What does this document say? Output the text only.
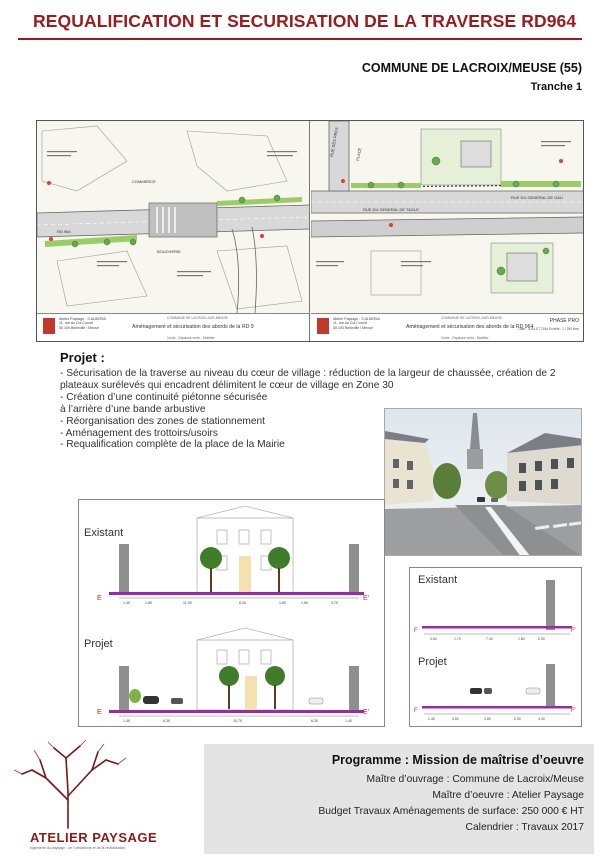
REQUALIFICATION ET SECURISATION DE LA TRAVERSE RD964
COMMUNE DE LACROIX/MEUSE (55)
Tranche 1
COMMERCE
BOUCHERIE
RD 964
Atelier Paysage - S.ALBERIA
11, rue du Col Conort
55 100 Belleville / Meuse
COMMUNE DE LACROIX-SUR-MEUSE
Aménagement et sécurisation des abords de la RD 9
Voirie - Espaces verts - Mobilier
RUE DES PRES	PLACE
RUE DU GENERAL DE TAGLE
RUE DU GENERAL DE GAU
Atelier Paysage - S.ALBERIA
11, rue du Col Conort
55 100 Belleville / Meuse
COMMUNE DE LACROIX-SUR-MEUSE
Aménagement et sécurisation des abords de la RD 964
Voirie - Espaces verts - Mobilier
PHASE PRO
Date : JUILLET 2016 Echelle : 1 / 250 ème
Projet :
- Sécurisation de la traverse au niveau du cœur de village : réduction de la largeur de chaussée, création de 2 plateaux surélevés qui encadrent délimitent le cœur de village en Zone 30
- Création d’une continuité piétonne sécurisée
à l’arrière d’une bande arbustive
- Réorganisation des zones de stationnement
- Aménagement des trottoirs/usoirs
- Requalification complète de la place de la Mairie
Existant
Projet
E	E'
1.40	1.80	11.30	6.00	1.80	1.80	3.70
E	E'
1.40	6.30	15.70	6.30	1.40
Existant
Projet
F	F'
3.50	1.70	7.40	1.80	2.00
F	F'
1.40	4.50	3.80	2.00	4.00
ATELIER PAYSAGE
ingénierie du paysage - de l'urbanisme et de la revitalisation
Programme : Mission de maîtrise d’oeuvre
Maître d’ouvrage : Commune de Lacroix/Meuse
Maître d’oeuvre : Atelier Paysage
Budget Travaux Aménagements de surface: 250 000 € HT
Calendrier : Travaux 2017
